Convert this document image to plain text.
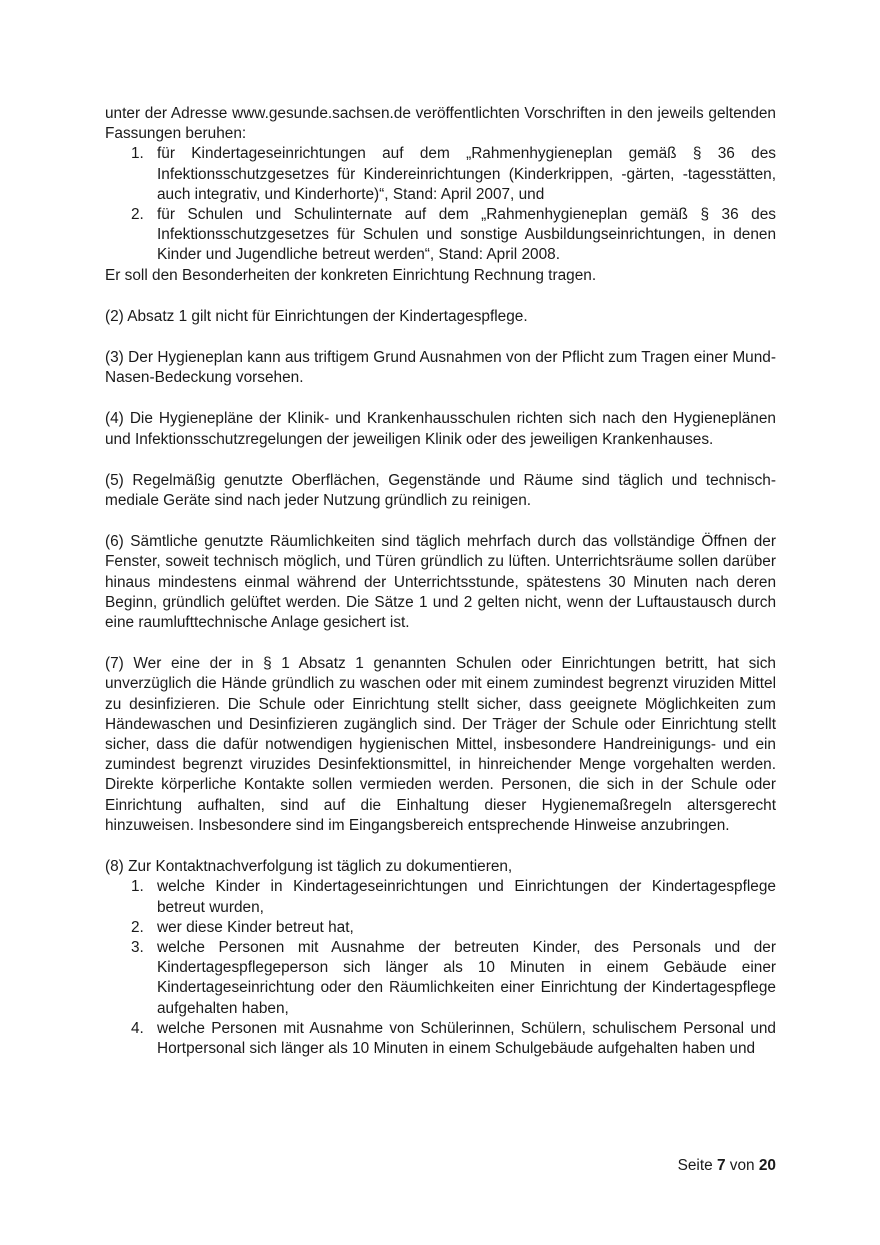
unter der Adresse www.gesunde.sachsen.de veröffentlichten Vorschriften in den jeweils geltenden Fassungen beruhen:

1. für Kindertageseinrichtungen auf dem „Rahmenhygieneplan gemäß § 36 des Infektionsschutzgesetzes für Kindereinrichtungen (Kinderkrippen, -gärten, -tagesstätten, auch integrativ, und Kinderhorte)“, Stand: April 2007, und
2. für Schulen und Schulinternate auf dem „Rahmenhygieneplan gemäß § 36 des Infektionsschutzgesetzes für Schulen und sonstige Ausbildungseinrichtungen, in denen Kinder und Jugendliche betreut werden“, Stand: April 2008.

Er soll den Besonderheiten der konkreten Einrichtung Rechnung tragen.

(2) Absatz 1 gilt nicht für Einrichtungen der Kindertagespflege.

(3) Der Hygieneplan kann aus triftigem Grund Ausnahmen von der Pflicht zum Tragen einer Mund-Nasen-Bedeckung vorsehen.

(4) Die Hygienepläne der Klinik- und Krankenhausschulen richten sich nach den Hygieneplänen und Infektionsschutzregelungen der jeweiligen Klinik oder des jeweiligen Krankenhauses.

(5) Regelmäßig genutzte Oberflächen, Gegenstände und Räume sind täglich und technisch-mediale Geräte sind nach jeder Nutzung gründlich zu reinigen.

(6) Sämtliche genutzte Räumlichkeiten sind täglich mehrfach durch das vollständige Öffnen der Fenster, soweit technisch möglich, und Türen gründlich zu lüften. Unterrichtsräume sollen darüber hinaus mindestens einmal während der Unterrichtsstunde, spätestens 30 Minuten nach deren Beginn, gründlich gelüftet werden. Die Sätze 1 und 2 gelten nicht, wenn der Luftaustausch durch eine raumlufttechnische Anlage gesichert ist.

(7) Wer eine der in § 1 Absatz 1 genannten Schulen oder Einrichtungen betritt, hat sich unverzüglich die Hände gründlich zu waschen oder mit einem zumindest begrenzt viruziden Mittel zu desinfizieren. Die Schule oder Einrichtung stellt sicher, dass geeignete Möglichkeiten zum Händewaschen und Desinfizieren zugänglich sind. Der Träger der Schule oder Einrichtung stellt sicher, dass die dafür notwendigen hygienischen Mittel, insbesondere Handreinigungs- und ein zumindest begrenzt viruzides Desinfektionsmittel, in hinreichender Menge vorgehalten werden. Direkte körperliche Kontakte sollen vermieden werden. Personen, die sich in der Schule oder Einrichtung aufhalten, sind auf die Einhaltung dieser Hygienemaßregeln altersgerecht hinzuweisen. Insbesondere sind im Eingangsbereich entsprechende Hinweise anzubringen.

(8) Zur Kontaktnachverfolgung ist täglich zu dokumentieren,

1. welche Kinder in Kindertageseinrichtungen und Einrichtungen der Kindertagespflege betreut wurden,
2. wer diese Kinder betreut hat,
3. welche Personen mit Ausnahme der betreuten Kinder, des Personals und der Kindertagespflegeperson sich länger als 10 Minuten in einem Gebäude einer Kindertageseinrichtung oder den Räumlichkeiten einer Einrichtung der Kindertagespflege aufgehalten haben,
4. welche Personen mit Ausnahme von Schülerinnen, Schülern, schulischem Personal und Hortpersonal sich länger als 10 Minuten in einem Schulgebäude aufgehalten haben und
Seite 7 von 20
